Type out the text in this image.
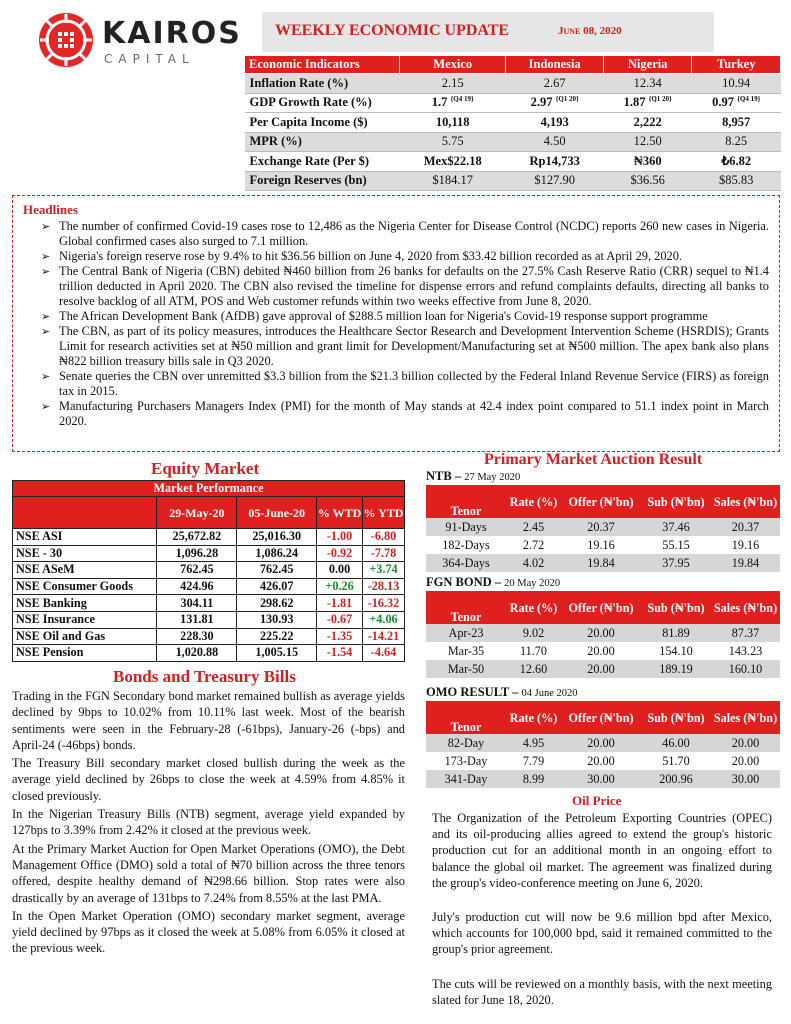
KAIROS
CAPITAL
WEEKLY ECONOMIC UPDATE	June 08, 2020
Economic Indicators	Mexico	Indonesia	Nigeria	Turkey
Inflation Rate (%)	2.15	2.67	12.34	10.94
GDP Growth Rate (%)	1.7 $^{\{Q4 19\}}$	2.97 $^{\{Q1 20\}}$	1.87 $^{\{Q1 20\}}$	0.97 $^{\{Q4 19\}}$
Per Capita Income ($)	10,118	4,193	2,222	8,957
MPR (%)	5.75	4.50	12.50	8.25
Exchange Rate (Per $)	Mex$22.18	Rp14,733	₦360	₺6.82
Foreign Reserves (bn)	$184.17	$127.90	$36.56	$85.83
Headlines
➢ The number of confirmed Covid-19 cases rose to 12,486 as the Nigeria Center for Disease Control (NCDC) reports 260 new cases in Nigeria. Global confirmed cases also surged to 7.1 million.
➢ Nigeria's foreign reserve rose by 9.4% to hit $36.56 billion on June 4, 2020 from $33.42 billion recorded as at April 29, 2020.
➢ The Central Bank of Nigeria (CBN) debited ₦460 billion from 26 banks for defaults on the 27.5% Cash Reserve Ratio (CRR) sequel to ₦1.4 trillion deducted in April 2020. The CBN also revised the timeline for dispense errors and refund complaints defaults, directing all banks to resolve backlog of all ATM, POS and Web customer refunds within two weeks effective from June 8, 2020.
➢ The African Development Bank (AfDB) gave approval of $288.5 million loan for Nigeria's Covid-19 response support programme
➢ The CBN, as part of its policy measures, introduces the Healthcare Sector Research and Development Intervention Scheme (HSRDIS); Grants Limit for research activities set at ₦50 million and grant limit for Development/Manufacturing set at ₦500 million. The apex bank also plans ₦822 billion treasury bills sale in Q3 2020.
➢ Senate queries the CBN over unremitted $3.3 billion from the $21.3 billion collected by the Federal Inland Revenue Service (FIRS) as foreign tax in 2015.
➢ Manufacturing Purchasers Managers Index (PMI) for the month of May stands at 42.4 index point compared to 51.1 index point in March 2020.
Equity Market
Market Performance				
	29-May-20	05-June-20	% WTD	% YTD
NSE ASI	25,672.82	25,016.30	-1.00	-6.80
NSE - 30	1,096.28	1,086.24	-0.92	-7.78
NSE ASeM	762.45	762.45	0.00	+3.74
NSE Consumer Goods	424.96	426.07	+0.26	-28.13
NSE Banking	304.11	298.62	-1.81	-16.32
NSE Insurance	131.81	130.93	-0.67	+4.06
NSE Oil and Gas	228.30	225.22	-1.35	-14.21
NSE Pension	1,020.88	1,005.15	-1.54	-4.64
Bonds and Treasury Bills

Trading in the FGN Secondary bond market remained bullish as average yields declined by 9bps to 10.02% from 10.11% last week. Most of the bearish sentiments were seen in the February-28 (-61bps), January-26 (-bps) and April-24 (-46bps) bonds.

The Treasury Bill secondary market closed bullish during the week as the average yield declined by 26bps to close the week at 4.59% from 4.85% it closed previously.

In the Nigerian Treasury Bills (NTB) segment, average yield expanded by 127bps to 3.39% from 2.42% it closed at the previous week.

At the Primary Market Auction for Open Market Operations (OMO), the Debt Management Office (DMO) sold a total of ₦70 billion across the three tenors offered, despite healthy demand of ₦298.66 billion. Stop rates were also drastically by an average of 131bps to 7.24% from 8.55% at the last PMA.

In the Open Market Operation (OMO) secondary market segment, average yield declined by 97bps as it closed the week at 5.08% from 6.05% it closed at the previous week.

Primary Market Auction Result
NTB – 27 May 2020
Tenor	Rate (%)	Offer (₦'bn)	Sub (₦'bn)	Sales (₦'bn)
91-Days	2.45	20.37	37.46	20.37
182-Days	2.72	19.16	55.15	19.16
364-Days	4.02	19.84	37.95	19.84
FGN BOND – 20 May 2020
Tenor	Rate (%)	Offer (₦'bn)	Sub (₦'bn)	Sales (₦'bn)
Apr-23	9.02	20.00	81.89	87.37
Mar-35	11.70	20.00	154.10	143.23
Mar-50	12.60	20.00	189.19	160.10
OMO RESULT – 04 June 2020
Tenor	Rate (%)	Offer (₦'bn)	Sub (₦'bn)	Sales (₦'bn)
82-Day	4.95	20.00	46.00	20.00
173-Day	7.79	20.00	51.70	20.00
341-Day	8.99	30.00	200.96	30.00
Oil Price

The Organization of the Petroleum Exporting Countries (OPEC) and its oil-producing allies agreed to extend the group's historic production cut for an additional month in an ongoing effort to balance the global oil market. The agreement was finalized during the group's video-conference meeting on June 6, 2020.

July's production cut will now be 9.6 million bpd after Mexico, which accounts for 100,000 bpd, said it remained committed to the group's prior agreement.

The cuts will be reviewed on a monthly basis, with the next meeting slated for June 18, 2020.
